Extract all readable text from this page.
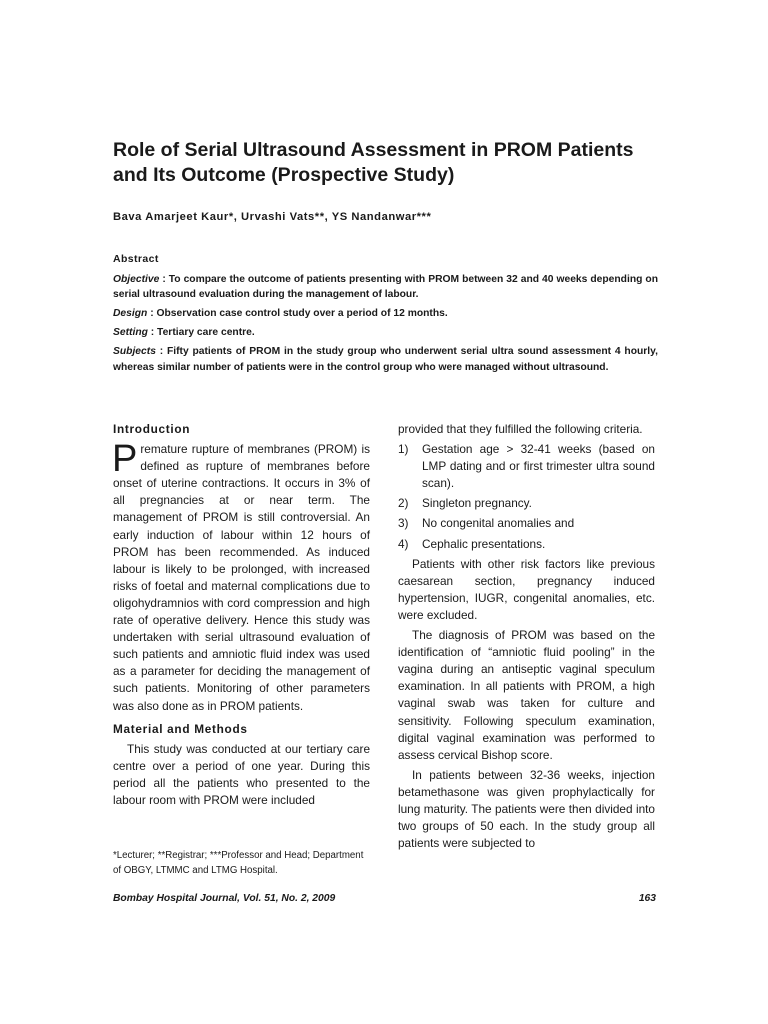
Role of Serial Ultrasound Assessment in PROM Patients and Its Outcome (Prospective Study)

Bava Amarjeet Kaur*, Urvashi Vats**, YS Nandanwar***

Abstract

Objective : To compare the outcome of patients presenting with PROM between 32 and 40 weeks depending on serial ultrasound evaluation during the management of labour.

Design : Observation case control study over a period of 12 months.

Setting : Tertiary care centre.

Subjects : Fifty patients of PROM in the study group who underwent serial ultra sound assessment 4 hourly, whereas similar number of patients were in the control group who were managed without ultrasound.

Introduction

Premature rupture of membranes (PROM) is defined as rupture of membranes before onset of uterine contractions. It occurs in 3% of all pregnancies at or near term. The management of PROM is still controversial. An early induction of labour within 12 hours of PROM has been recommended. As induced labour is likely to be prolonged, with increased risks of foetal and maternal complications due to oligohydramnios with cord compression and high rate of operative delivery. Hence this study was undertaken with serial ultrasound evaluation of such patients and amniotic fluid index was used as a parameter for deciding the management of such patients. Monitoring of other parameters was also done as in PROM patients.

Material and Methods

This study was conducted at our tertiary care centre over a period of one year. During this period all the patients who presented to the labour room with PROM were included

provided that they fulfilled the following criteria.

1)	Gestation age > 32-41 weeks (based on LMP dating and or first trimester ultra sound scan).
2)	Singleton pregnancy.
3)	No congenital anomalies and
4)	Cephalic presentations.

Patients with other risk factors like previous caesarean section, pregnancy induced hypertension, IUGR, congenital anomalies, etc. were excluded.

The diagnosis of PROM was based on the identification of “amniotic fluid pooling” in the vagina during an antiseptic vaginal speculum examination. In all patients with PROM, a high vaginal swab was taken for culture and sensitivity. Following speculum examination, digital vaginal examination was performed to assess cervical Bishop score.

In patients between 32-36 weeks, injection betamethasone was given prophylactically for lung maturity. The patients were then divided into two groups of 50 each. In the study group all patients were subjected to

*Lecturer; **Registrar; ***Professor and Head; Department of OBGY, LTMMC and LTMG Hospital.

Bombay Hospital Journal, Vol. 51, No. 2, 2009	163
